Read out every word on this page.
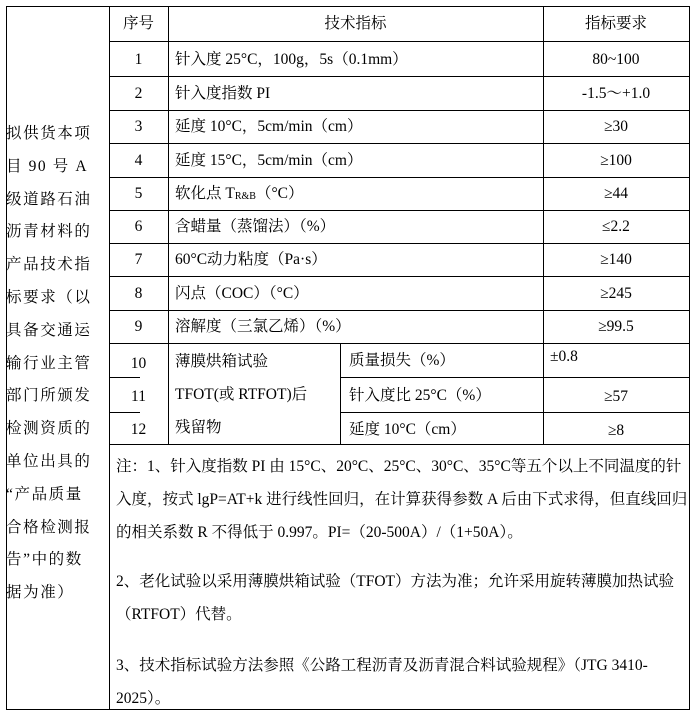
序号	技术指标	指标要求
拟供货本项
目 90 号 A
级道路石油
沥青材料的
产品技术指
标要求（以
具备交通运
输行业主管
部门所颁发
检测资质的
单位出具的
“产品质量
合格检测报
告”中的数
据为准）
1	针入度 25°C，100g，5s（0.1mm）	80~100
2	针入度指数 PI	-1.5～+1.0
3	延度 10°C，5cm/min（cm）	≥30
4	延度 15°C，5cm/min（cm）	≥100
5	软化点 $T_{R\&B}(^\circ C)$	≥44
6	含蜡量（蒸馏法）（%）	≤2.2
7	60°C动力粘度（Pa·s）	≥140
8	闪点（COC）（°C）	≥245
9	溶解度（三氯乙烯）（%）	≥99.5
薄膜烘箱试验
TFOT(或 RTFOT)后
残留物
10	质量损失（%）	±0.8
11	针入度比 25°C（%）	≥57
12	延度 10°C（cm）	≥8

注：1、针入度指数 PI 由 15°C、20°C、25°C、30°C、35°C等五个以上不同温度的针入度，按式 lgP=AT+k 进行线性回归，在计算获得参数 A 后由下式求得，但直线回归的相关系数 R 不得低于 0.997。PI=（20-500A）/（1+50A）。

2、老化试验以采用薄膜烘箱试验（TFOT）方法为准；允许采用旋转薄膜加热试验（RTFOT）代替。

3、技术指标试验方法参照《公路工程沥青及沥青混合料试验规程》（JTG 3410-2025）。
